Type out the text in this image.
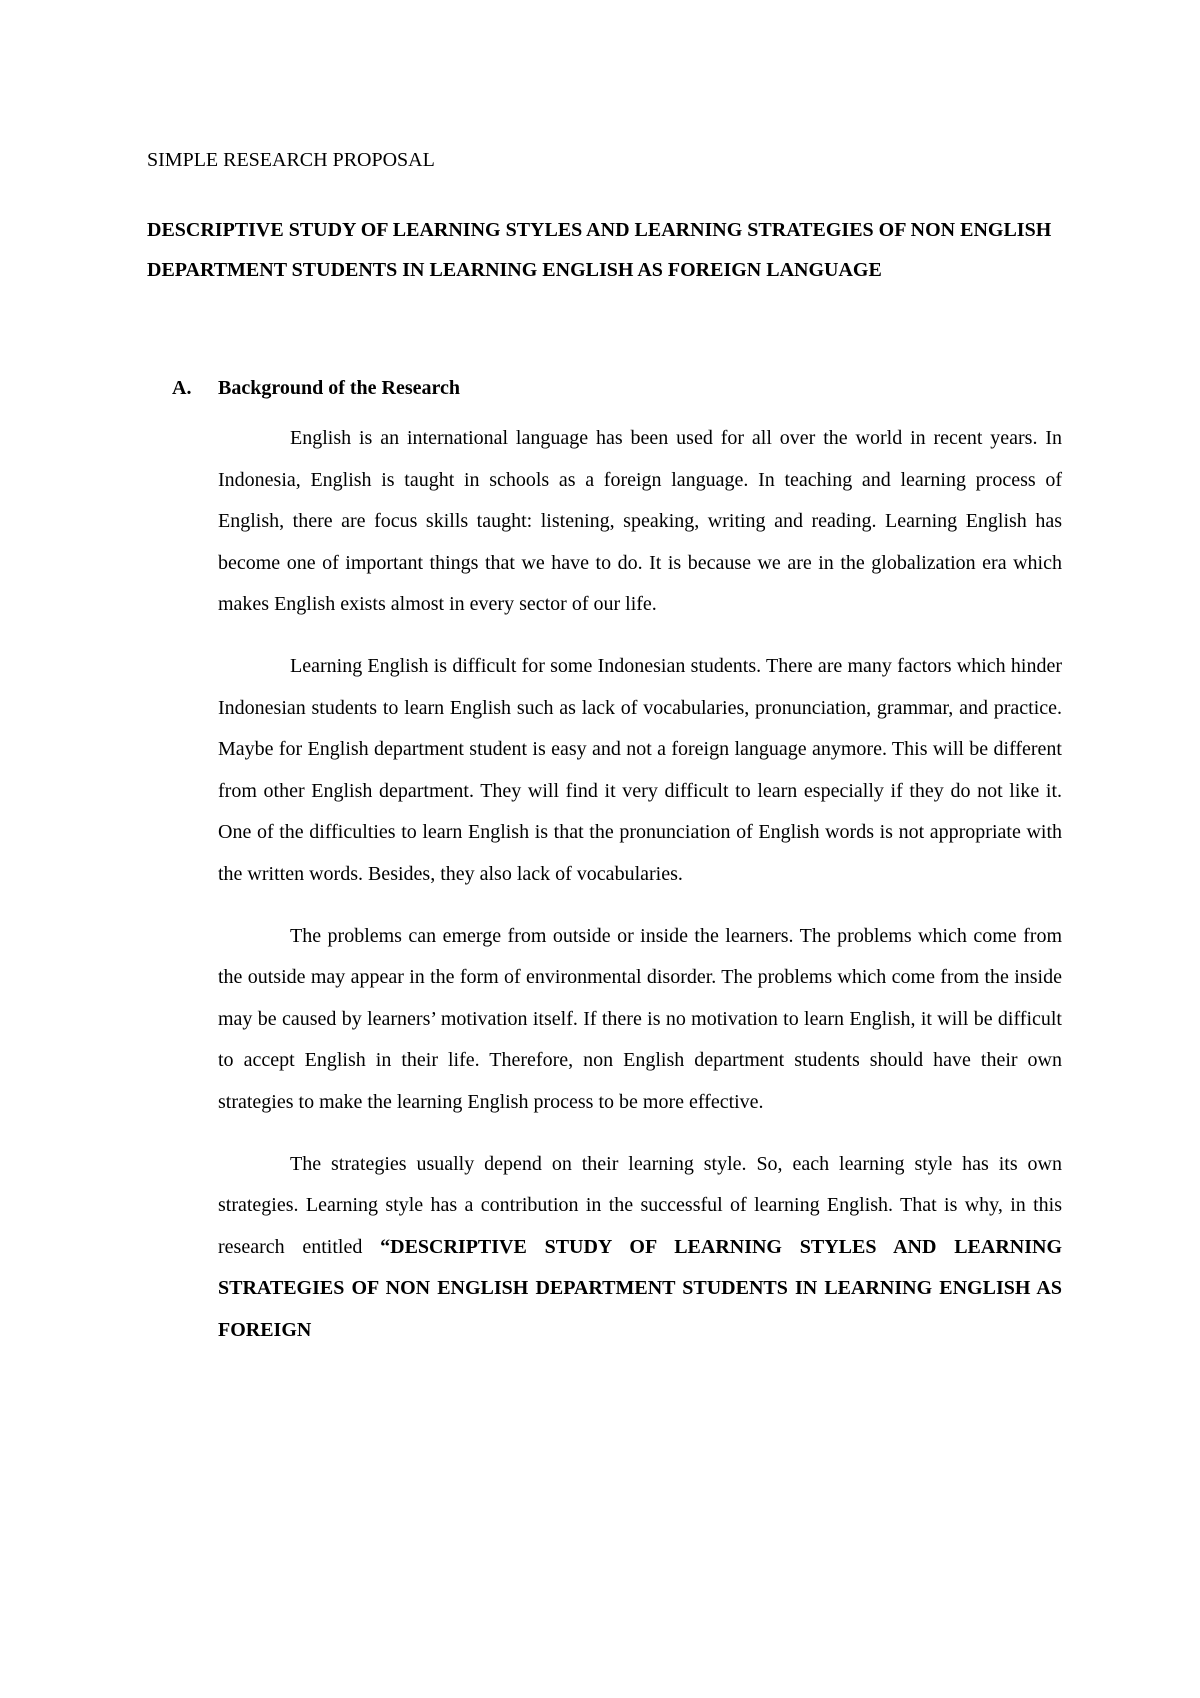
SIMPLE RESEARCH PROPOSAL
DESCRIPTIVE STUDY OF LEARNING STYLES AND LEARNING STRATEGIES OF NON ENGLISH DEPARTMENT STUDENTS IN LEARNING ENGLISH AS FOREIGN LANGUAGE
A. Background of the Research

English is an international language has been used for all over the world in recent years. In Indonesia, English is taught in schools as a foreign language. In teaching and learning process of English, there are focus skills taught: listening, speaking, writing and reading. Learning English has become one of important things that we have to do. It is because we are in the globalization era which makes English exists almost in every sector of our life.

Learning English is difficult for some Indonesian students. There are many factors which hinder Indonesian students to learn English such as lack of vocabularies, pronunciation, grammar, and practice. Maybe for English department student is easy and not a foreign language anymore. This will be different from other English department. They will find it very difficult to learn especially if they do not like it. One of the difficulties to learn English is that the pronunciation of English words is not appropriate with the written words. Besides, they also lack of vocabularies.

The problems can emerge from outside or inside the learners. The problems which come from the outside may appear in the form of environmental disorder. The problems which come from the inside may be caused by learners’ motivation itself. If there is no motivation to learn English, it will be difficult to accept English in their life. Therefore, non English department students should have their own strategies to make the learning English process to be more effective.

The strategies usually depend on their learning style. So, each learning style has its own strategies. Learning style has a contribution in the successful of learning English. That is why, in this research entitled “DESCRIPTIVE STUDY OF LEARNING STYLES AND LEARNING STRATEGIES OF NON ENGLISH DEPARTMENT STUDENTS IN LEARNING ENGLISH AS FOREIGN
